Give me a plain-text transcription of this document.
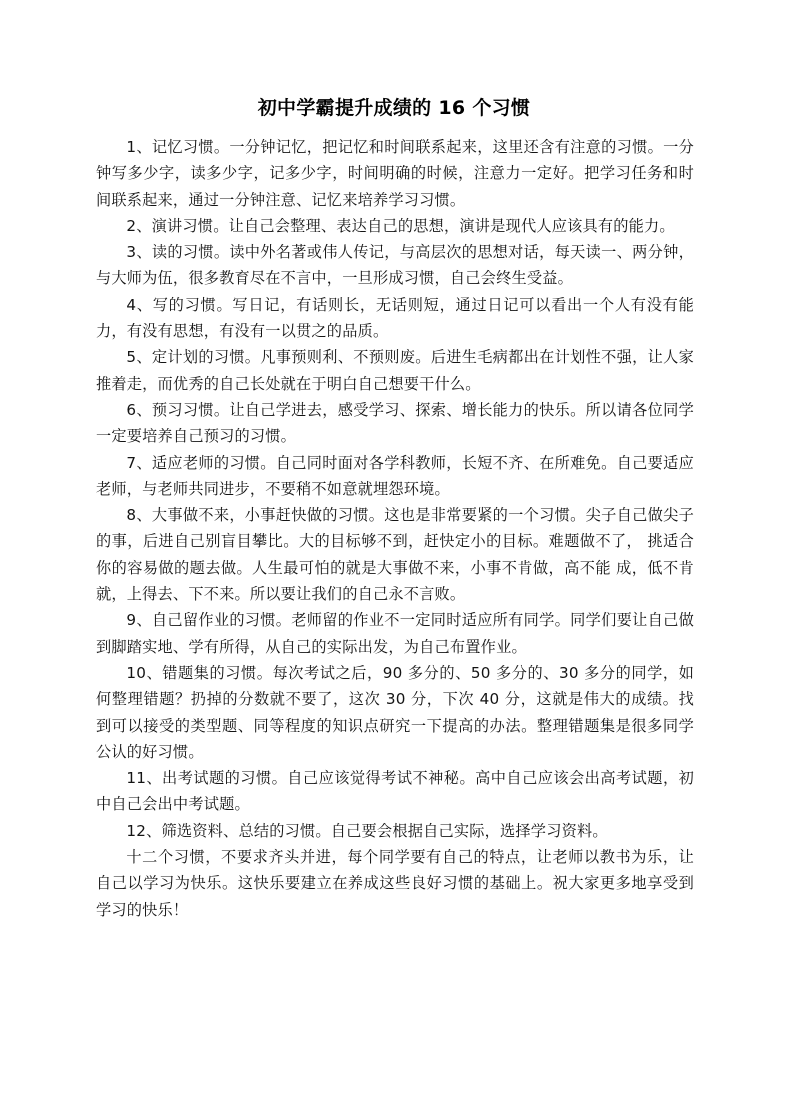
初中学霸提升成绩的 16 个习惯

1、记忆习惯。一分钟记忆，把记忆和时间联系起来，这里还含有注意的习惯。一分钟写多少字，读多少字，记多少字，时间明确的时候，注意力一定好。把学习任务和时间联系起来，通过一分钟注意、记忆来培养学习习惯。

2、演讲习惯。让自己会整理、表达自己的思想，演讲是现代人应该具有的能力。

3、读的习惯。读中外名著或伟人传记，与高层次的思想对话，每天读一、两分钟，与大师为伍，很多教育尽在不言中，一旦形成习惯，自己会终生受益。

4、写的习惯。写日记，有话则长，无话则短，通过日记可以看出一个人有没有能力，有没有思想，有没有一以贯之的品质。

5、定计划的习惯。凡事预则利、不预则废。后进生毛病都出在计划性不强，让人家推着走，而优秀的自己长处就在于明白自己想要干什么。

6、预习习惯。让自己学进去，感受学习、探索、增长能力的快乐。所以请各位同学一定要培养自己预习的习惯。

7、适应老师的习惯。自己同时面对各学科教师，长短不齐、在所难免。自己要适应老师，与老师共同进步，不要稍不如意就埋怨环境。

8、大事做不来，小事赶快做的习惯。这也是非常要紧的一个习惯。尖子自己做尖子的事，后进自己别盲目攀比。大的目标够不到，赶快定小的目标。难题做不了， 挑适合你的容易做的题去做。人生最可怕的就是大事做不来，小事不肯做，高不能 成，低不肯就，上得去、下不来。所以要让我们的自己永不言败。

9、自己留作业的习惯。老师留的作业不一定同时适应所有同学。同学们要让自己做到脚踏实地、学有所得，从自己的实际出发，为自己布置作业。

10、错题集的习惯。每次考试之后，90 多分的、50 多分的、30 多分的同学，如何整理错题？扔掉的分数就不要了，这次 30 分，下次 40 分，这就是伟大的成绩。找到可以接受的类型题、同等程度的知识点研究一下提高的办法。整理错题集是很多同学公认的好习惯。

11、出考试题的习惯。自己应该觉得考试不神秘。高中自己应该会出高考试题，初中自己会出中考试题。

12、筛选资料、总结的习惯。自己要会根据自己实际，选择学习资料。

十二个习惯，不要求齐头并进，每个同学要有自己的特点，让老师以教书为乐，让自己以学习为快乐。这快乐要建立在养成这些良好习惯的基础上。祝大家更多地享受到学习的快乐！
